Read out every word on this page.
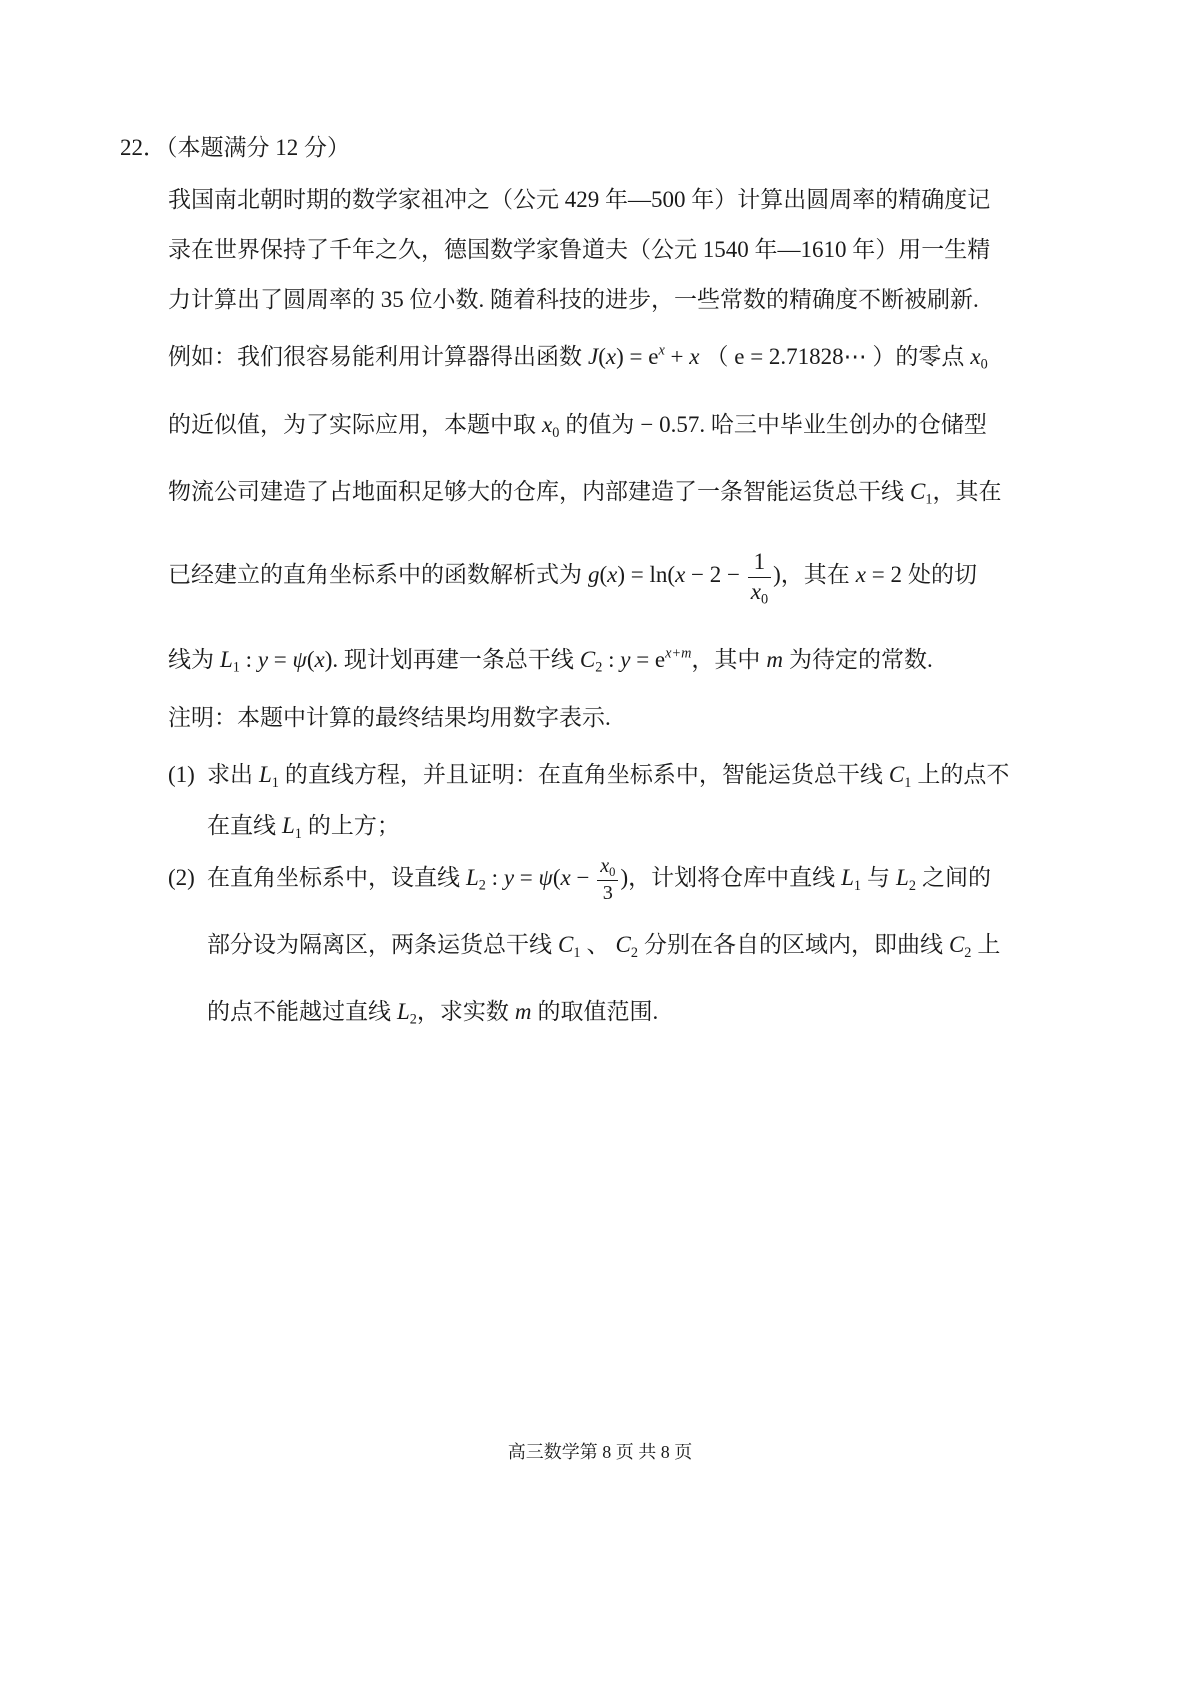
22．（本题满分 12 分）
我国南北朝时期的数学家祖冲之（公元 429 年—500 年）计算出圆周率的精确度记
录在世界保持了千年之久，德国数学家鲁道夫（公元 1540 年—1610 年）用一生精
力计算出了圆周率的 35 位小数. 随着科技的进步，一些常数的精确度不断被刷新.
例如：我们很容易能利用计算器得出函数 $J(x) = e^x + x$ （ e = 2.71828⋯ ）的零点 $x_0$
的近似值，为了实际应用，本题中取 $x_0$ 的值为 − 0.57. 哈三中毕业生创办的仓储型
物流公司建造了占地面积足够大的仓库，内部建造了一条智能运货总干线 $C_1$，其在
已经建立的直角坐标系中的函数解析式为 $g(x) = \ln(x - 2 - \frac{1}{x_0}$ )，其在 x = 2 处的切
线为 $L_1$ : y = ψ(x). 现计划再建一条总干线 $C_2$ : $y = e^{x+m}$，其中 m 为待定的常数.
注明：本题中计算的最终结果均用数字表示.
(1) 求出 $L_1$ 的直线方程，并且证明：在直角坐标系中，智能运货总干线 $C_1$ 上的点不
在直线 $L_1$ 的上方；
(2) 在直角坐标系中，设直线 $L_2$ : $y = \psi(x - \frac{x_0}{3}$ )，计划将仓库中直线 $L_1$ 与 $L_2$ 之间的
部分设为隔离区，两条运货总干线 $C_1$ 、 $C_2$ 分别在各自的区域内，即曲线 $C_2$ 上
的点不能越过直线 $L_2$，求实数 m 的取值范围.
高三数学第 8 页 共 8 页
